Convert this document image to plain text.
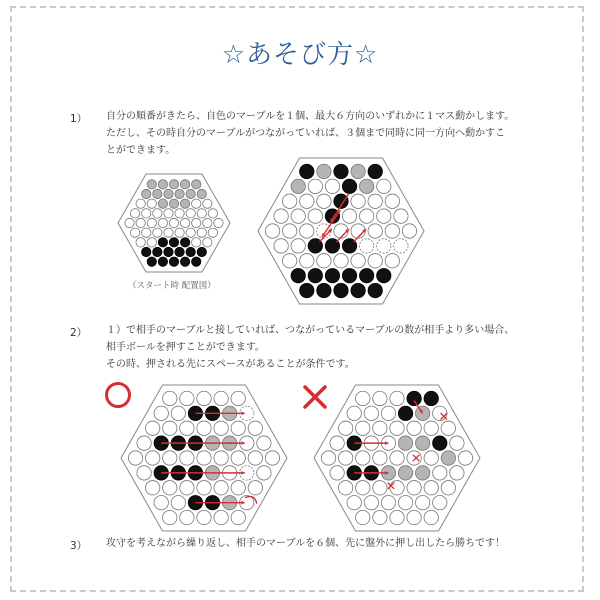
☆あそび方☆
1） 自分の順番がきたら、自色のマーブルを１個、最大６方向のいずれかに１マス動かします。
ただし、その時自分のマーブルがつながっていれば、３個まで同時に同一方向へ動かすこ
とができます。
（スタート時 配置図）
2） １）で相手のマーブルと接していれば、つながっているマーブルの数が相手より多い場合、
相手ボールを押すことができます。
その時、押される先にスペースがあることが条件です。
3） 攻守を考えながら繰り返し、相手のマーブルを６個、先に盤外に押し出したら勝ちです！
